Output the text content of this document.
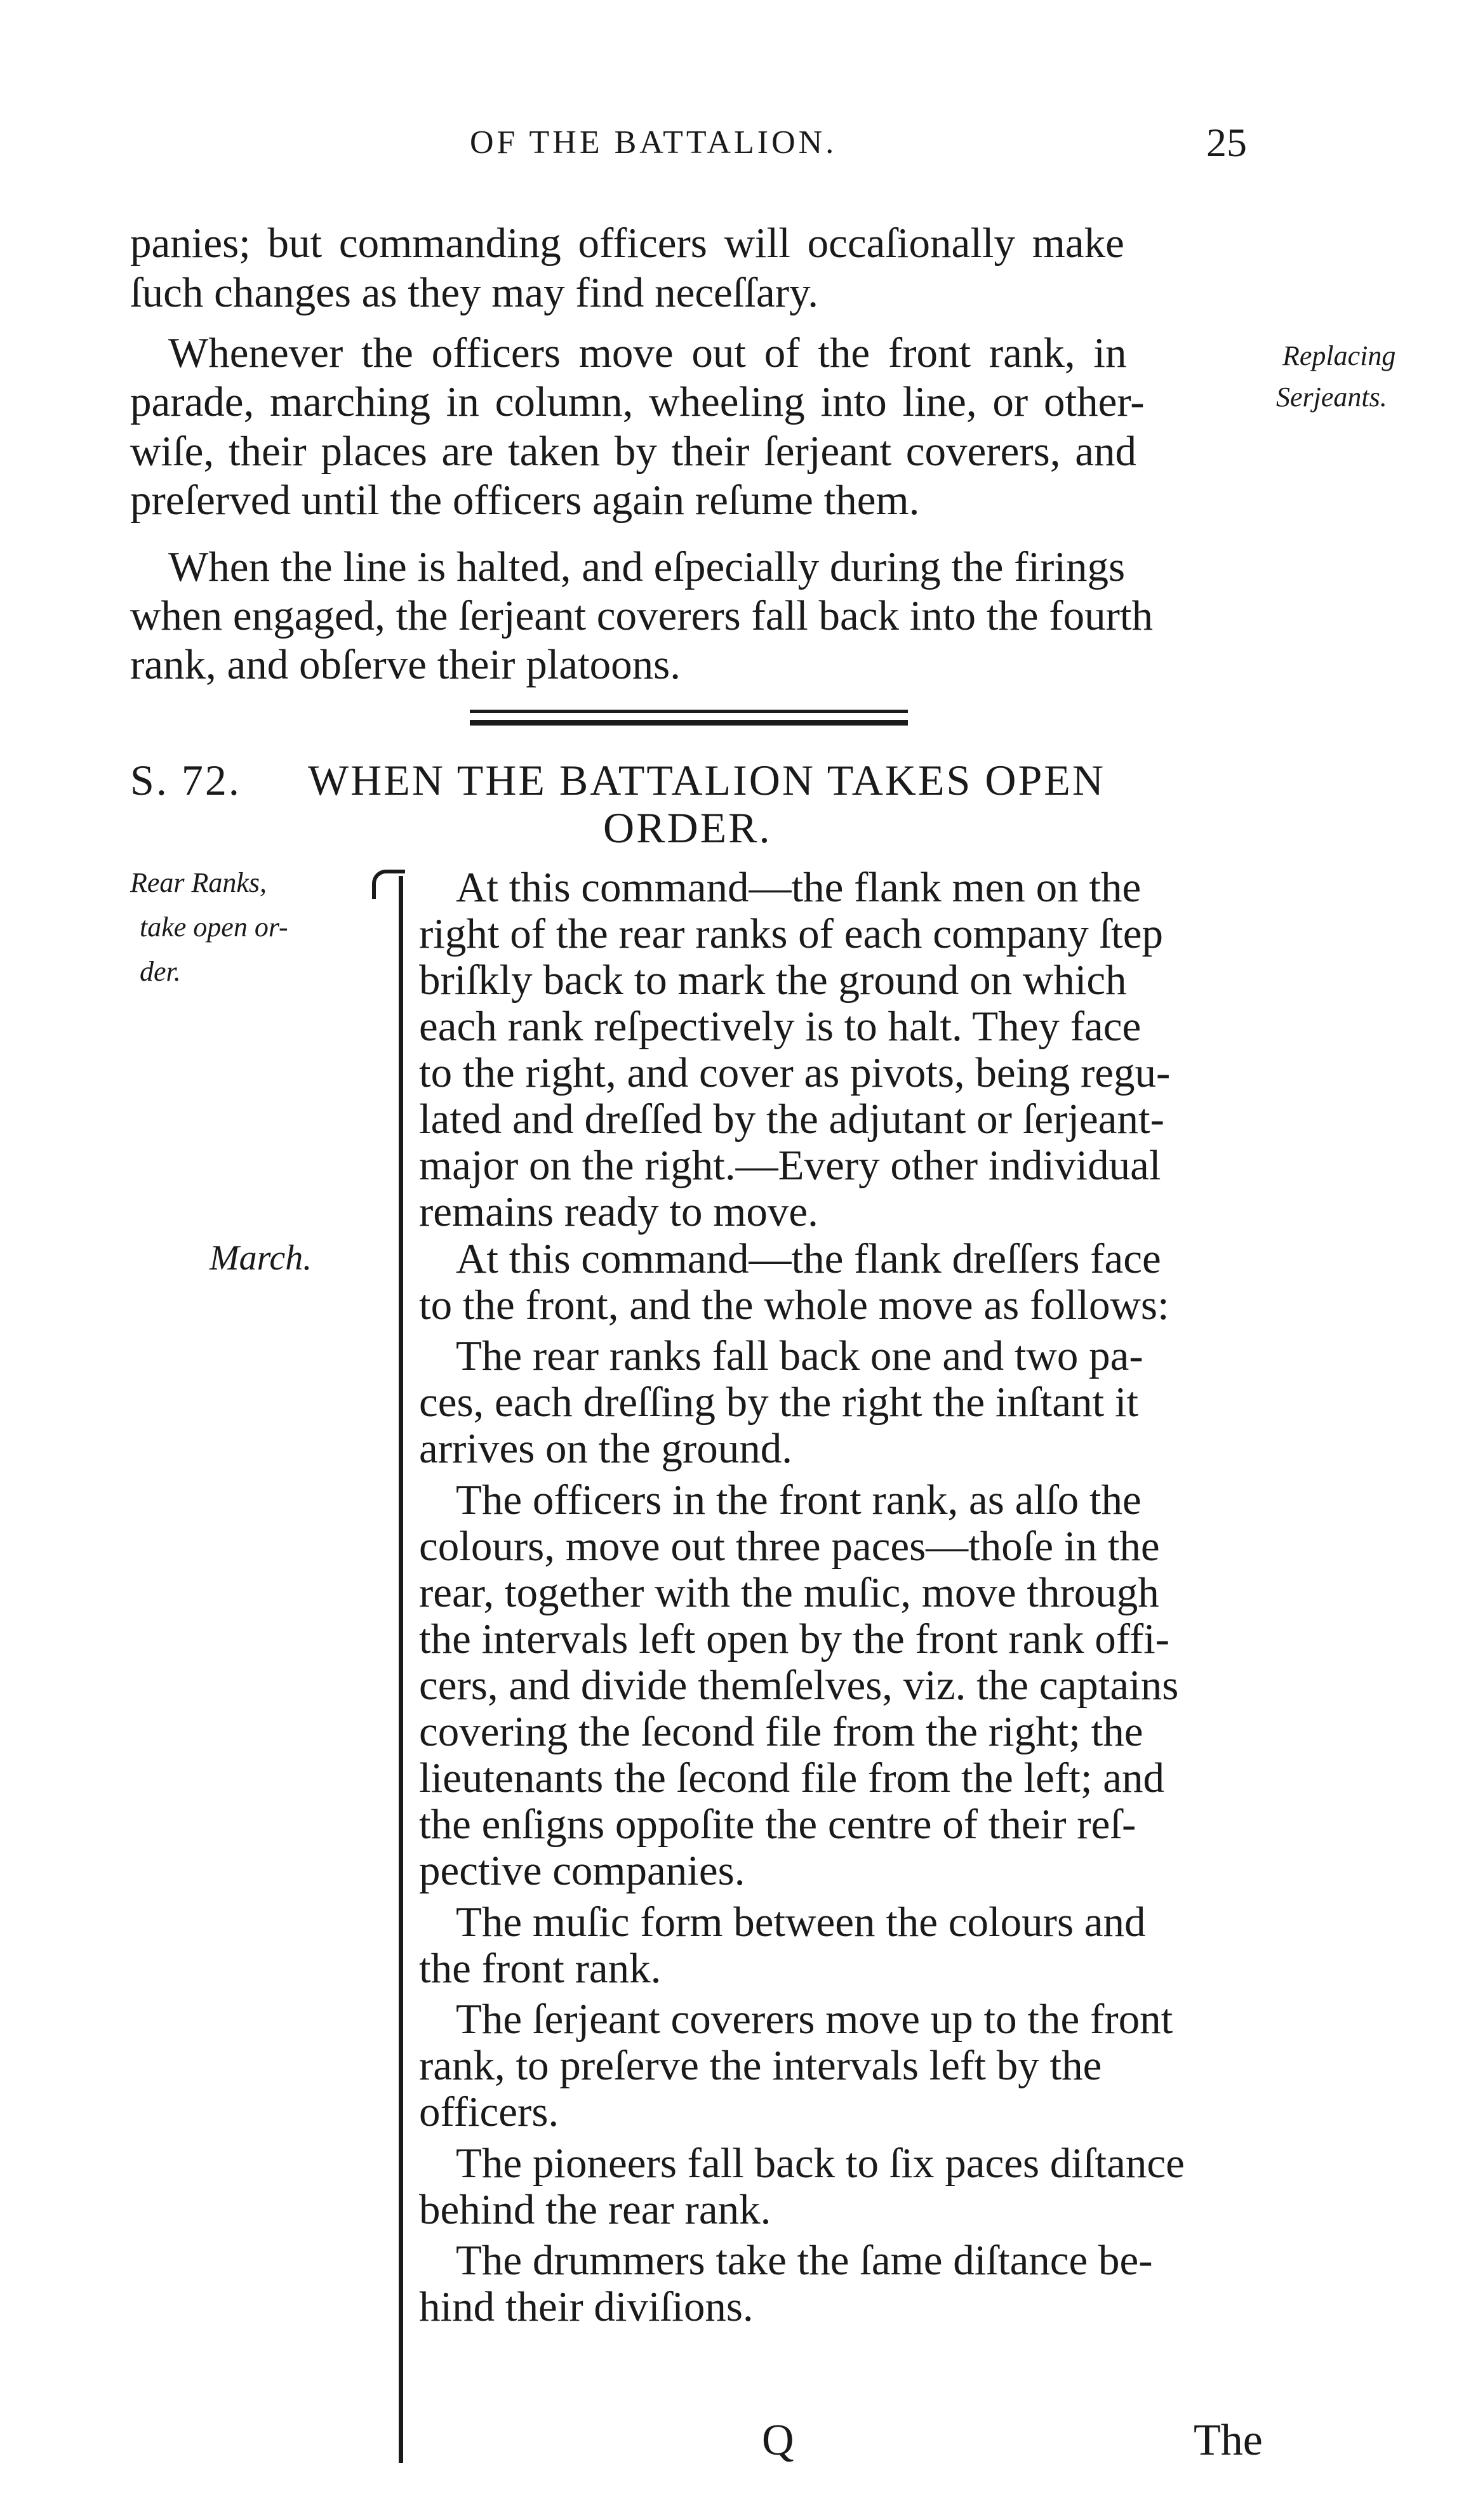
OF THE BATTALION.	25
panies; but commanding officers will occaſionally make
ſuch changes as they may find neceſſary.
Whenever the officers move out of the front rank, in
parade, marching in column, wheeling into line, or other-
wiſe, their places are taken by their ſerjeant coverers, and
preſerved until the officers again reſume them.
Replacing
Serjeants.
When the line is halted, and eſpecially during the firings
when engaged, the ſerjeant coverers fall back into the fourth
rank, and obſerve their platoons.
S. 72. WHEN THE BATTALION TAKES OPEN
ORDER.
Rear Ranks,
take open or-
der.
March.
At this command—the flank men on the
right of the rear ranks of each company ſtep
briſkly back to mark the ground on which
each rank reſpectively is to halt. They face
to the right, and cover as pivots, being regu-
lated and dreſſed by the adjutant or ſerjeant-
major on the right.—Every other individual
remains ready to move.
At this command—the flank dreſſers face
to the front, and the whole move as follows:
The rear ranks fall back one and two pa-
ces, each dreſſing by the right the inſtant it
arrives on the ground.
The officers in the front rank, as alſo the
colours, move out three paces—thoſe in the
rear, together with the muſic, move through
the intervals left open by the front rank offi-
cers, and divide themſelves, viz. the captains
covering the ſecond file from the right; the
lieutenants the ſecond file from the left; and
the enſigns oppoſite the centre of their reſ-
pective companies.
The muſic form between the colours and
the front rank.
The ſerjeant coverers move up to the front
rank, to preſerve the intervals left by the
officers.
The pioneers fall back to ſix paces diſtance
behind the rear rank.
The drummers take the ſame diſtance be-
hind their diviſions.
Q	The
